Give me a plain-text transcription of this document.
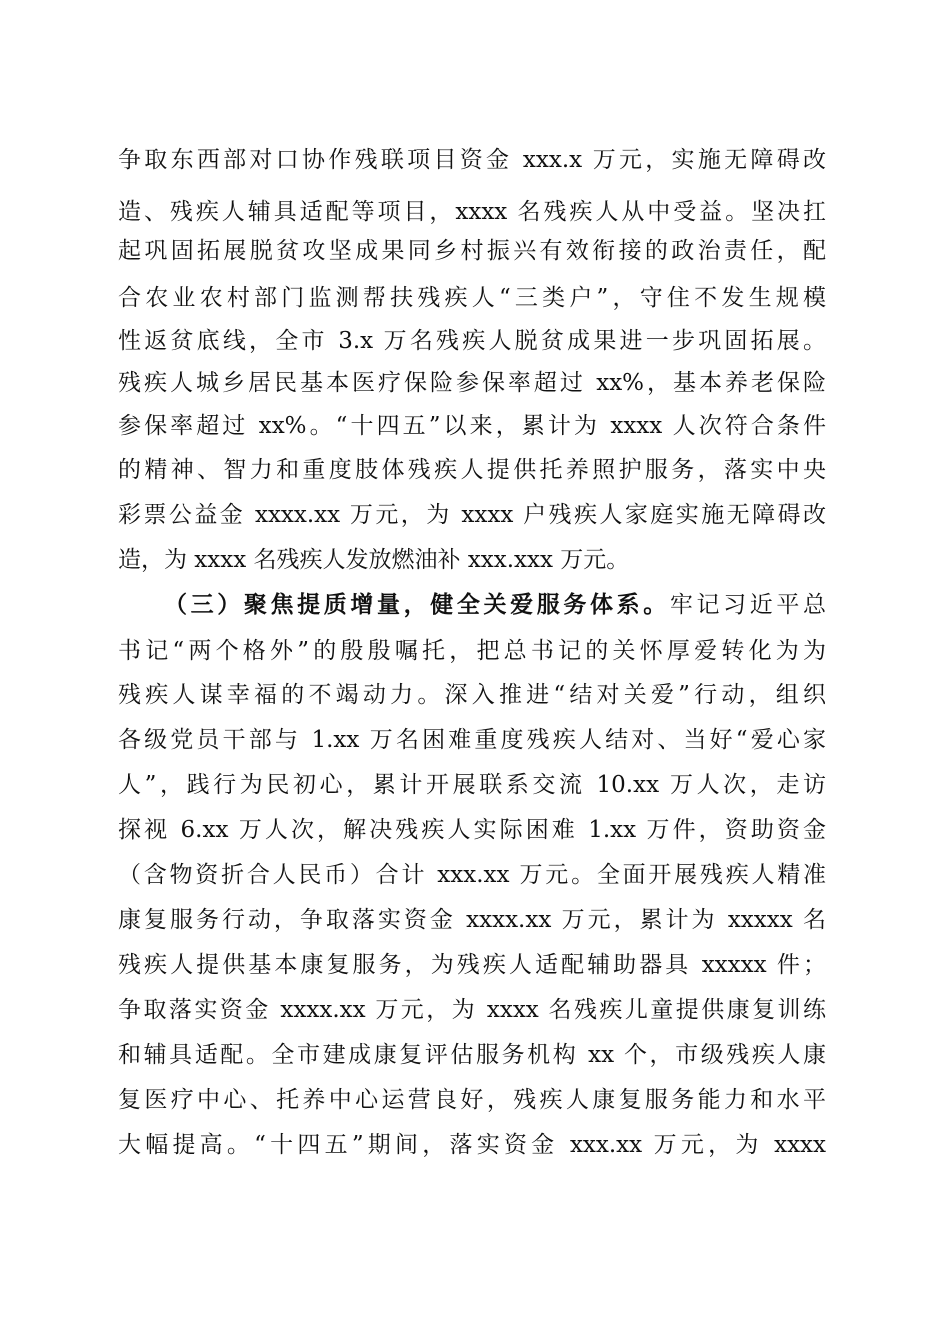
争取东西部对口协作残联项目资金 xxx.x 万元，实施无障碍改
造、残疾人辅具适配等项目，xxxx 名残疾人从中受益。坚决扛
起巩固拓展脱贫攻坚成果同乡村振兴有效衔接的政治责任，配
合农业农村部门监测帮扶残疾人“三类户”，守住不发生规模
性返贫底线，全市 3.x 万名残疾人脱贫成果进一步巩固拓展。
残疾人城乡居民基本医疗保险参保率超过 xx%，基本养老保险
参保率超过 xx%。“十四五”以来，累计为 xxxx 人次符合条件
的精神、智力和重度肢体残疾人提供托养照护服务，落实中央
彩票公益金 xxxx.xx 万元，为 xxxx 户残疾人家庭实施无障碍改
造，为 xxxx 名残疾人发放燃油补 xxx.xxx 万元。
（三）聚焦提质增量，健全关爱服务体系。牢记习近平总
书记“两个格外”的殷殷嘱托，把总书记的关怀厚爱转化为为
残疾人谋幸福的不竭动力。深入推进“结对关爱”行动，组织
各级党员干部与 1.xx 万名困难重度残疾人结对、当好“爱心家
人”，践行为民初心，累计开展联系交流 10.xx 万人次，走访
探视 6.xx 万人次，解决残疾人实际困难 1.xx 万件，资助资金
（含物资折合人民币）合计 xxx.xx 万元。全面开展残疾人精准
康复服务行动，争取落实资金 xxxx.xx 万元，累计为 xxxxx 名
残疾人提供基本康复服务，为残疾人适配辅助器具 xxxxx 件；
争取落实资金 xxxx.xx 万元，为 xxxx 名残疾儿童提供康复训练
和辅具适配。全市建成康复评估服务机构 xx 个，市级残疾人康
复医疗中心、托养中心运营良好，残疾人康复服务能力和水平
大幅提高。“十四五”期间，落实资金 xxx.xx 万元，为 xxxx
